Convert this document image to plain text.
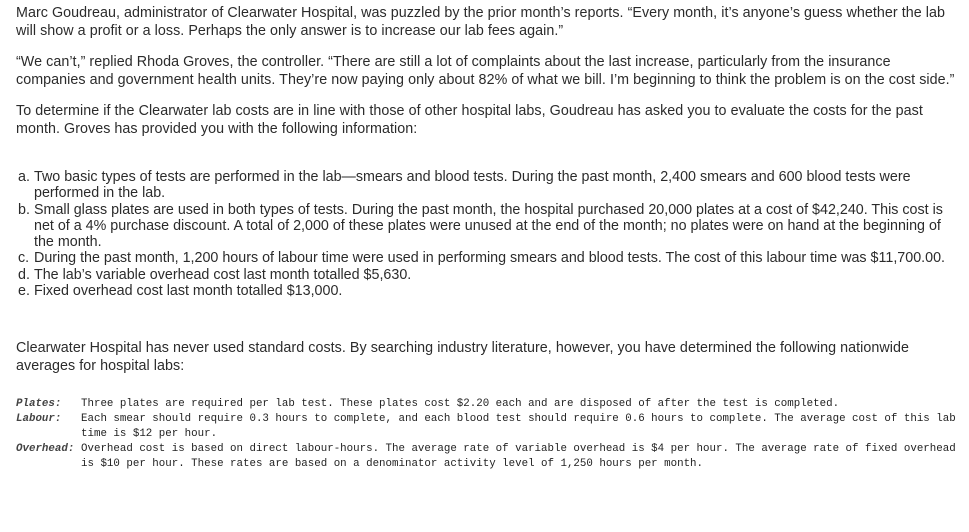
Marc Goudreau, administrator of Clearwater Hospital, was puzzled by the prior month’s reports. “Every month, it’s anyone’s guess whether the lab will show a profit or a loss. Perhaps the only answer is to increase our lab fees again.”

“We can’t,” replied Rhoda Groves, the controller. “There are still a lot of complaints about the last increase, particularly from the insurance companies and government health units. They’re now paying only about 82% of what we bill. I’m beginning to think the problem is on the cost side.”

To determine if the Clearwater lab costs are in line with those of other hospital labs, Goudreau has asked you to evaluate the costs for the past month. Groves has provided you with the following information:

a. Two basic types of tests are performed in the lab—smears and blood tests. During the past month, 2,400 smears and 600 blood tests were performed in the lab.
b. Small glass plates are used in both types of tests. During the past month, the hospital purchased 20,000 plates at a cost of $42,240. This cost is net of a 4% purchase discount. A total of 2,000 of these plates were unused at the end of the month; no plates were on hand at the beginning of the month.
c. During the past month, 1,200 hours of labour time were used in performing smears and blood tests. The cost of this labour time was $11,700.00.
d. The lab’s variable overhead cost last month totalled $5,630.
e. Fixed overhead cost last month totalled $13,000.

Clearwater Hospital has never used standard costs. By searching industry literature, however, you have determined the following nationwide averages for hospital labs:

Plates:	Three plates are required per lab test. These plates cost $2.20 each and are disposed of after the test is completed.
Labour:	Each smear should require 0.3 hours to complete, and each blood test should require 0.6 hours to complete. The average cost of this lab time is $12 per hour.
Overhead: Overhead cost is based on direct labour-hours. The average rate of variable overhead is $4 per hour. The average rate of fixed overhead is $10 per hour. These rates are based on a denominator activity level of 1,250 hours per month.
